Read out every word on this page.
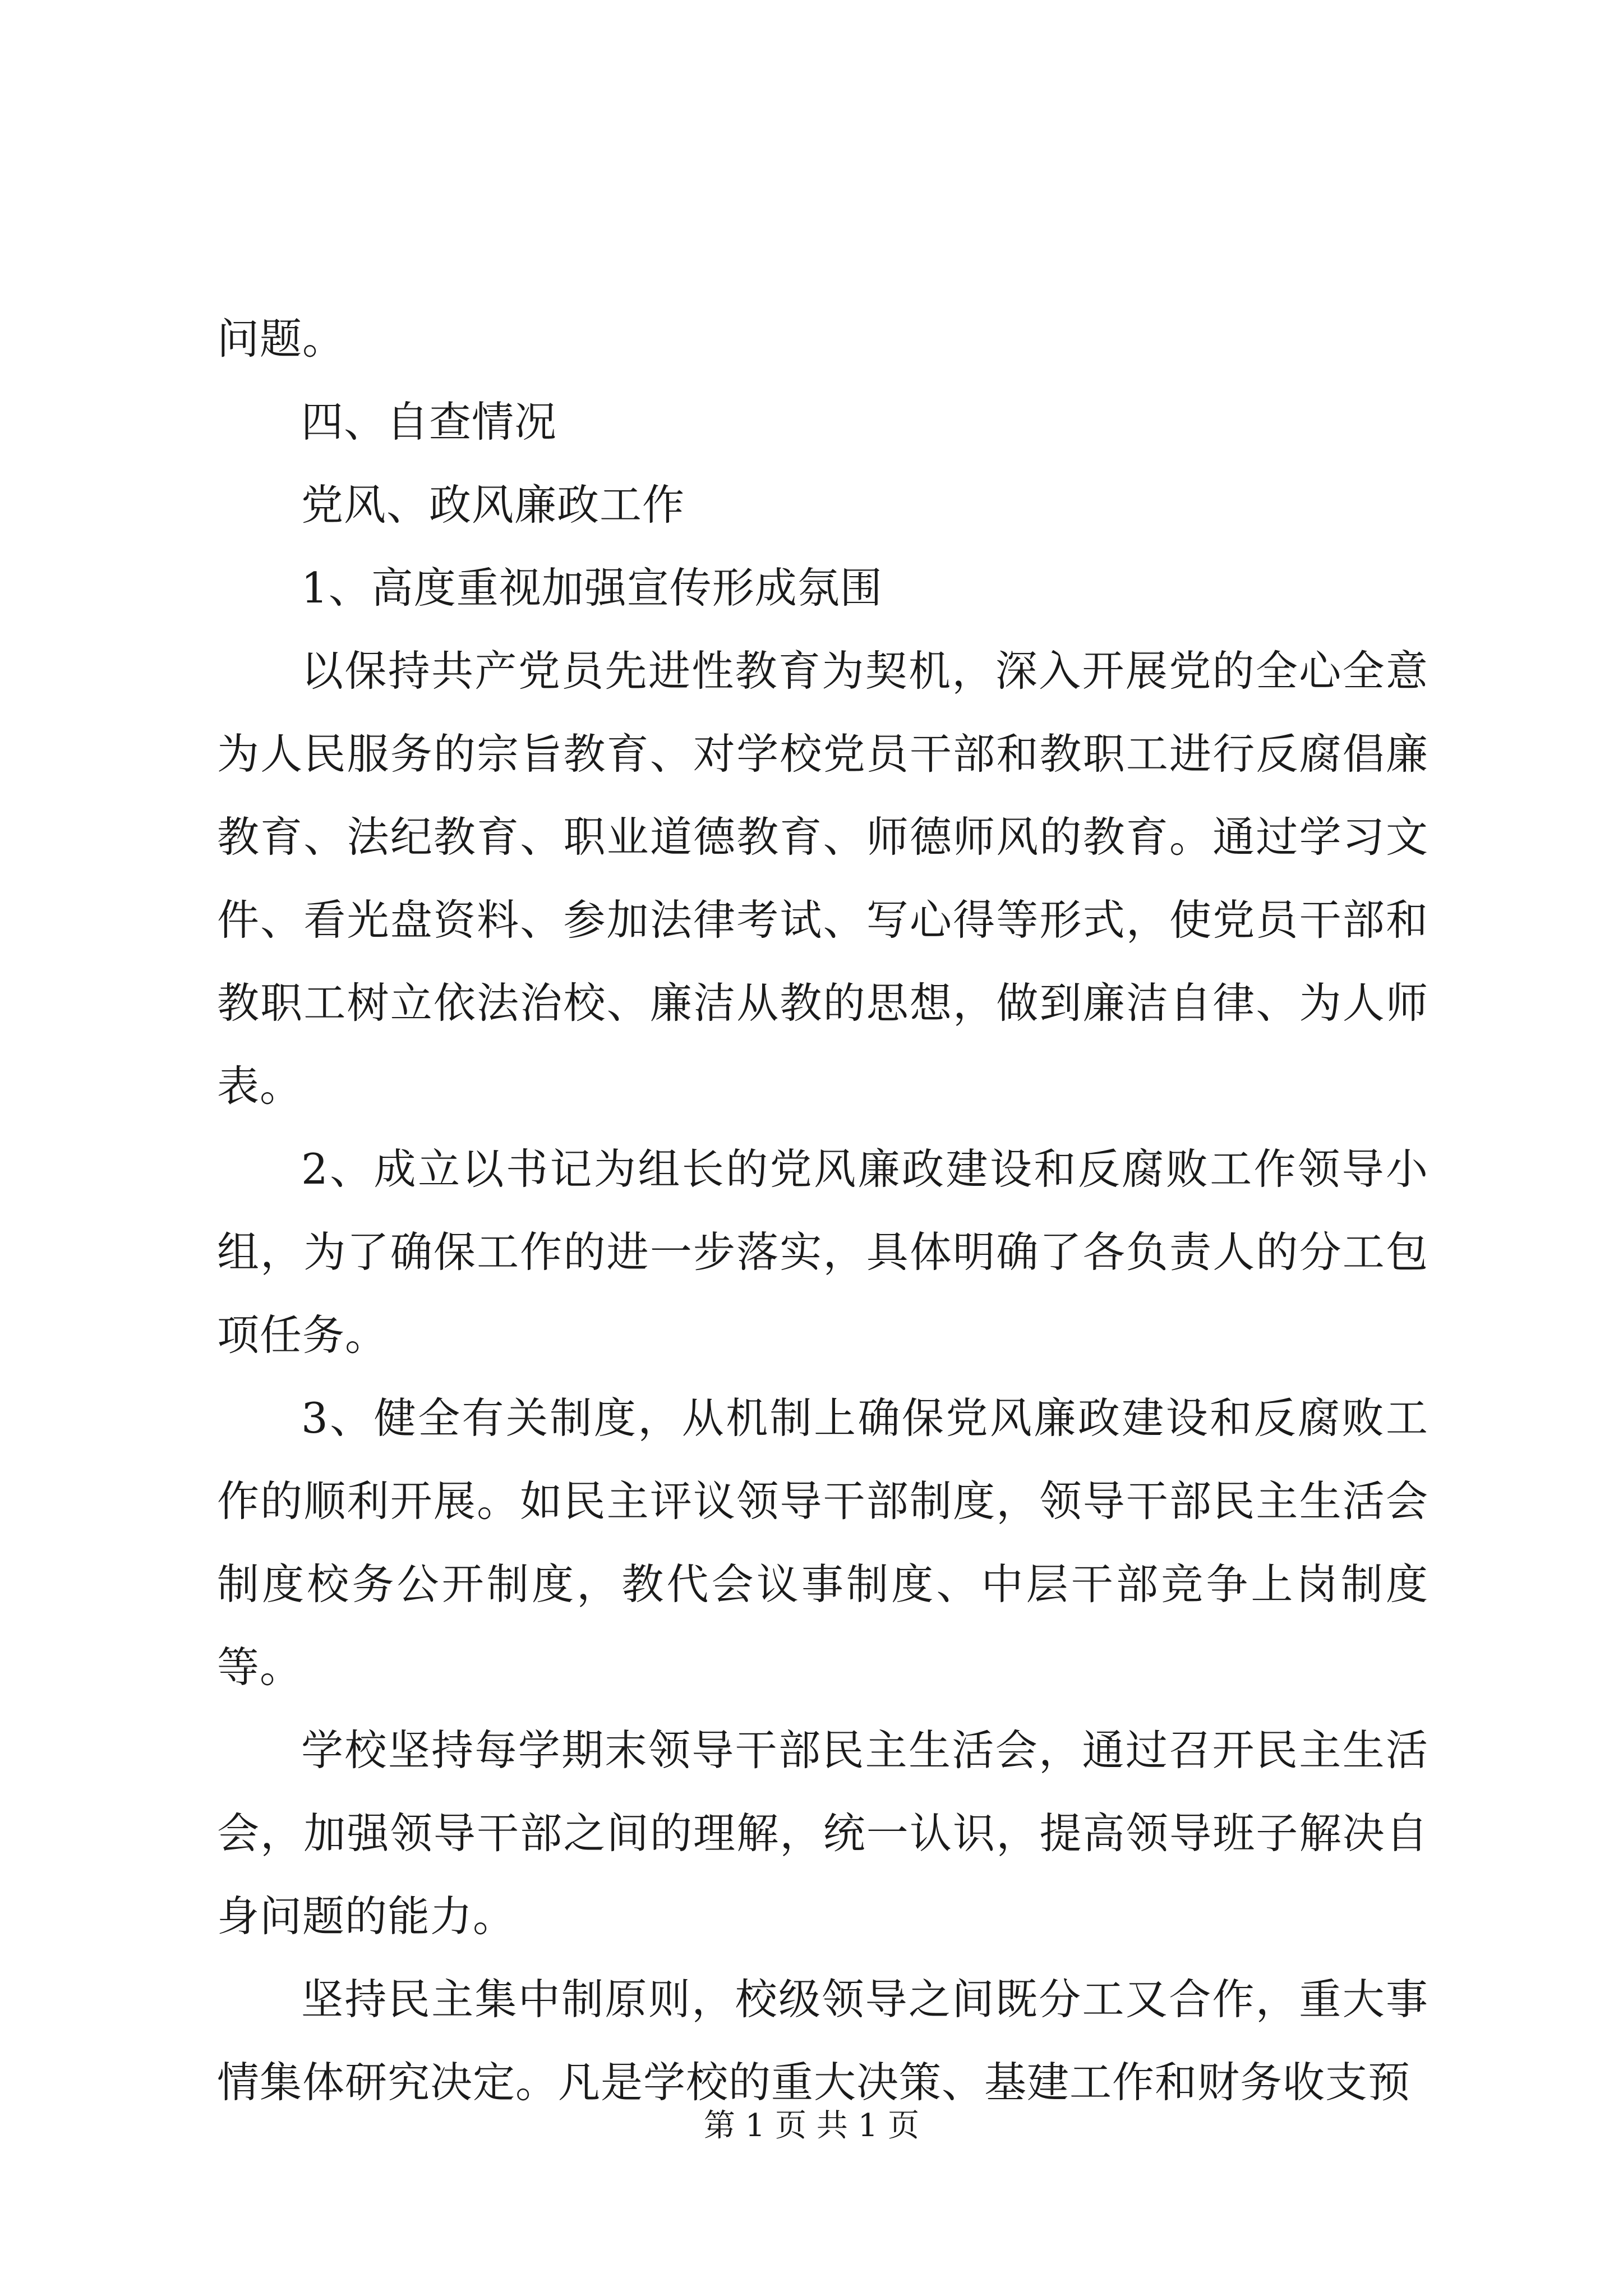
问题。

四、自查情况

党风、政风廉政工作

1、高度重视加强宣传形成氛围

以保持共产党员先进性教育为契机，深入开展党的全心全意为人民服务的宗旨教育、对学校党员干部和教职工进行反腐倡廉教育、法纪教育、职业道德教育、师德师风的教育。通过学习文件、看光盘资料、参加法律考试、写心得等形式，使党员干部和教职工树立依法治校、廉洁从教的思想，做到廉洁自律、为人师表。

2、成立以书记为组长的党风廉政建设和反腐败工作领导小组，为了确保工作的进一步落实，具体明确了各负责人的分工包项任务。

3、健全有关制度，从机制上确保党风廉政建设和反腐败工作的顺利开展。如民主评议领导干部制度，领导干部民主生活会制度校务公开制度，教代会议事制度、中层干部竞争上岗制度等。

学校坚持每学期末领导干部民主生活会，通过召开民主生活会，加强领导干部之间的理解，统一认识，提高领导班子解决自身问题的能力。

坚持民主集中制原则，校级领导之间既分工又合作，重大事情集体研究决定。凡是学校的重大决策、基建工作和财务收支预

第 1 页 共 1 页
